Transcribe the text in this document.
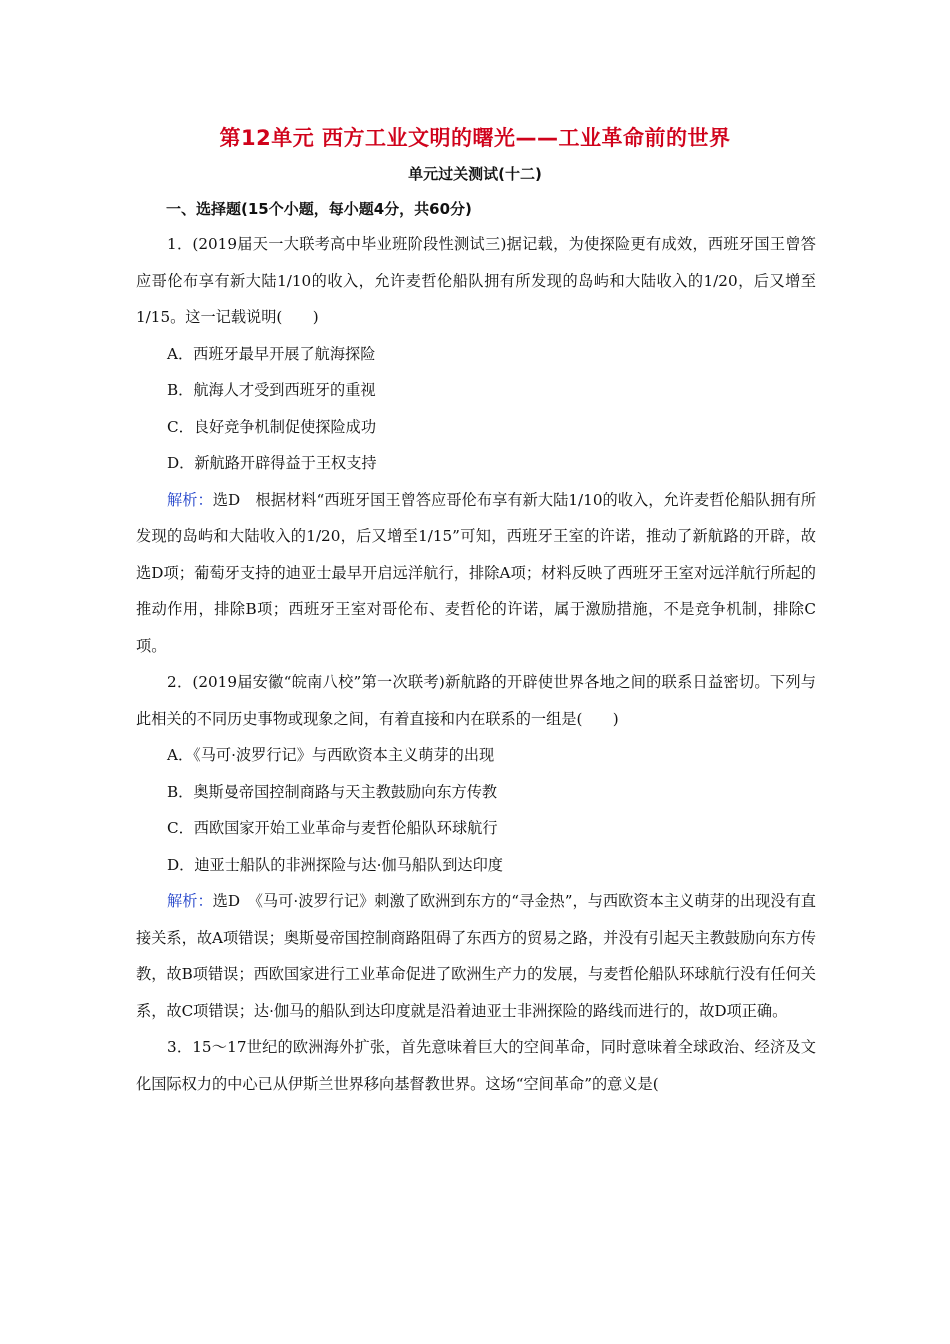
第12单元 西方工业文明的曙光——工业革命前的世界
单元过关测试(十二)
一、选择题(15个小题，每小题4分，共60分)

1．(2019届天一大联考高中毕业班阶段性测试三)据记载，为使探险更有成效，西班牙国王曾答应哥伦布享有新大陆1/10的收入，允许麦哲伦船队拥有所发现的岛屿和大陆收入的1/20，后又增至1/15。这一记载说明(　　)

A．西班牙最早开展了航海探险

B．航海人才受到西班牙的重视

C．良好竞争机制促使探险成功

D．新航路开辟得益于王权支持

解析：选D　根据材料“西班牙国王曾答应哥伦布享有新大陆1/10的收入，允许麦哲伦船队拥有所发现的岛屿和大陆收入的1/20，后又增至1/15”可知，西班牙王室的许诺，推动了新航路的开辟，故选D项；葡萄牙支持的迪亚士最早开启远洋航行，排除A项；材料反映了西班牙王室对远洋航行所起的推动作用，排除B项；西班牙王室对哥伦布、麦哲伦的许诺，属于激励措施，不是竞争机制，排除C项。

2．(2019届安徽“皖南八校”第一次联考)新航路的开辟使世界各地之间的联系日益密切。下列与此相关的不同历史事物或现象之间，有着直接和内在联系的一组是(　　)

A．《马可·波罗行记》与西欧资本主义萌芽的出现

B．奥斯曼帝国控制商路与天主教鼓励向东方传教

C．西欧国家开始工业革命与麦哲伦船队环球航行

D．迪亚士船队的非洲探险与达·伽马船队到达印度

解析：选D　《马可·波罗行记》刺激了欧洲到东方的“寻金热”，与西欧资本主义萌芽的出现没有直接关系，故A项错误；奥斯曼帝国控制商路阻碍了东西方的贸易之路，并没有引起天主教鼓励向东方传教，故B项错误；西欧国家进行工业革命促进了欧洲生产力的发展，与麦哲伦船队环球航行没有任何关系，故C项错误；达·伽马的船队到达印度就是沿着迪亚士非洲探险的路线而进行的，故D项正确。

3．15～17世纪的欧洲海外扩张，首先意味着巨大的空间革命，同时意味着全球政治、经济及文化国际权力的中心已从伊斯兰世界移向基督教世界。这场“空间革命”的意义是(
